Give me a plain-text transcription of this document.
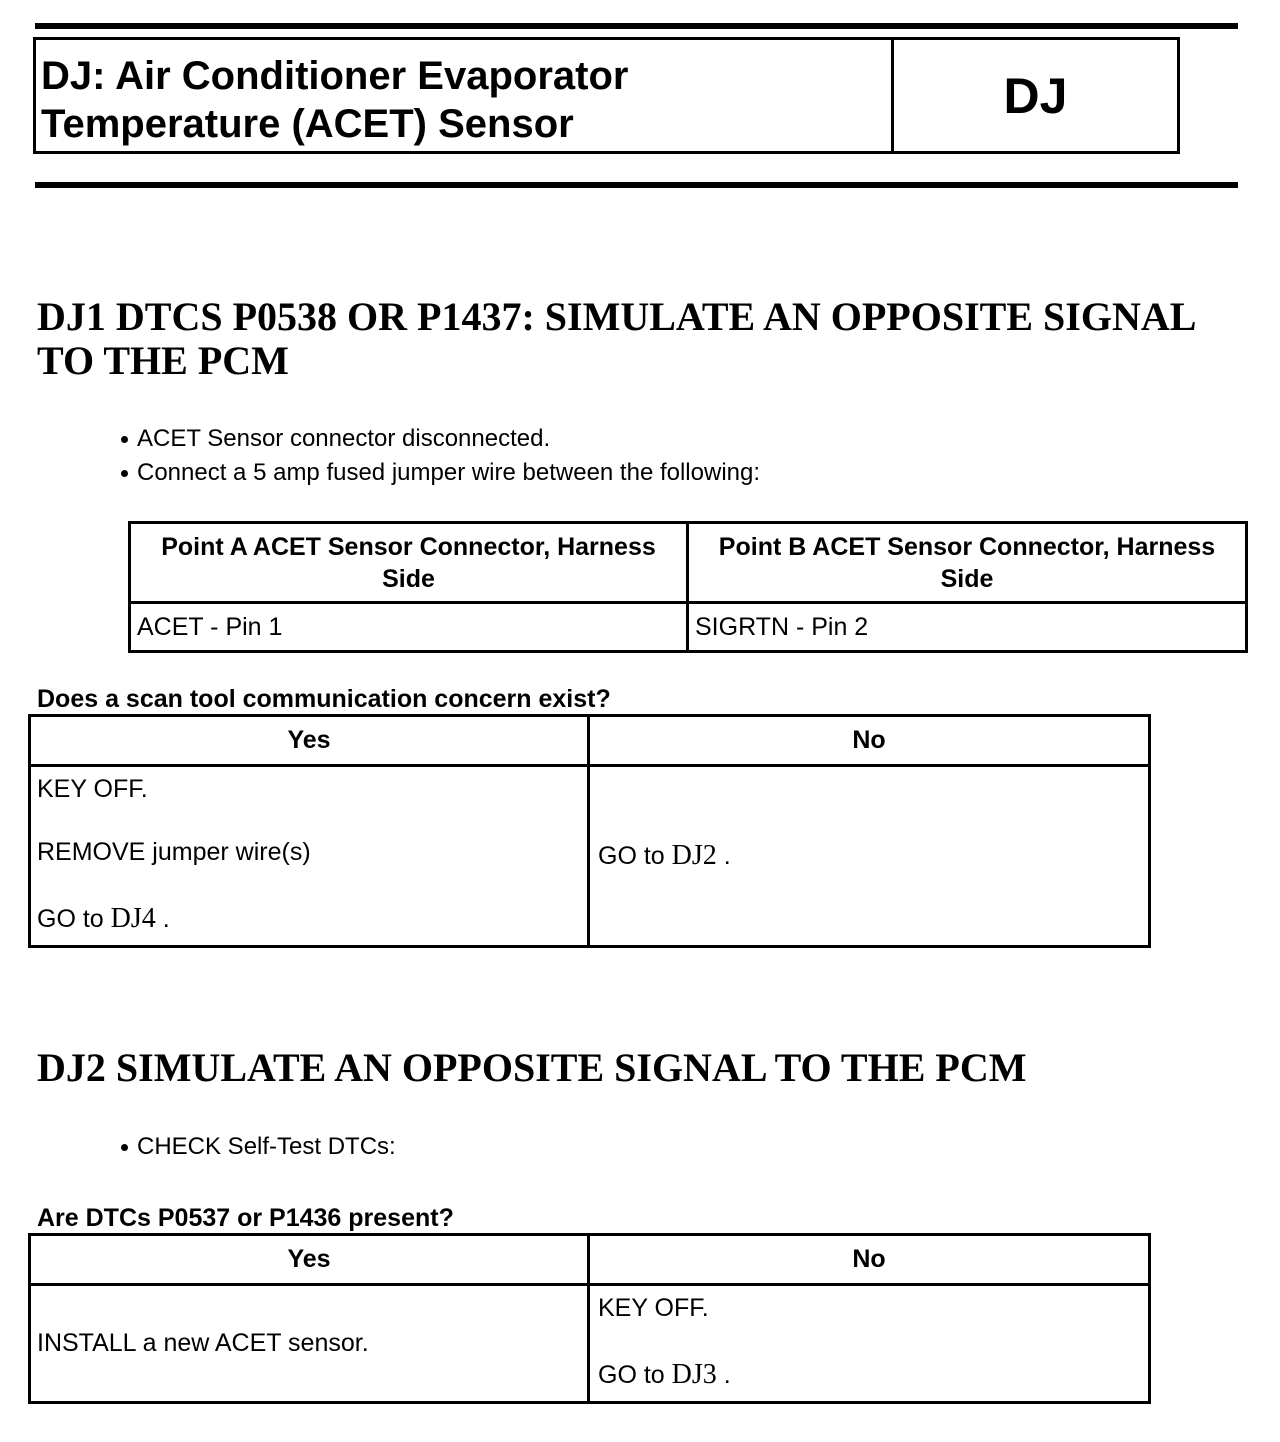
DJ: Air Conditioner Evaporator
Temperature (ACET) Sensor
DJ
DJ1 DTCS P0538 OR P1437: SIMULATE AN OPPOSITE SIGNAL TO THE PCM
ACET Sensor connector disconnected.
Connect a 5 amp fused jumper wire between the following:
Point A ACET Sensor Connector, Harness Side	Point B ACET Sensor Connector, Harness Side
ACET - Pin 1	SIGRTN - Pin 2

Does a scan tool communication concern exist?

Yes	No

KEY OFF.
REMOVE jumper wire(s)
GO to DJ4 .	GO to DJ2 .
DJ2 SIMULATE AN OPPOSITE SIGNAL TO THE PCM
CHECK Self-Test DTCs:

Are DTCs P0537 or P1436 present?

Yes	No

INSTALL a new ACET sensor.	KEY OFF.
GO to DJ3 .
